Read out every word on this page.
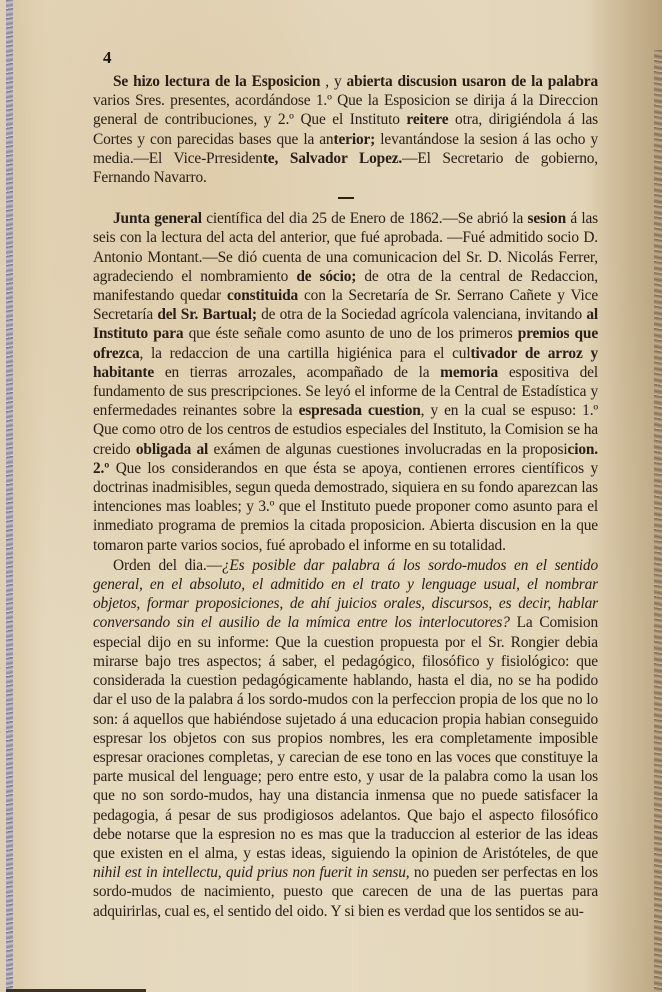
4

Se hizo lectura de la Esposicion , y abierta discusion usaron de la palabra varios Sres. presentes, acordándose 1.º Que la Esposicion se dirija á la Direccion general de contribuciones, y 2.º Que el Instituto reitere otra, dirigiéndola á las Cortes y con parecidas bases que la anterior; levantándose la sesion á las ocho y media.—El Vice-Prresidente, Salvador Lopez.—El Secretario de gobierno, Fernando Navarro.

Junta general científica del dia 25 de Enero de 1862.—Se abrió la sesion á las seis con la lectura del acta del anterior, que fué aprobada. —Fué admitido socio D. Antonio Montant.—Se dió cuenta de una comunicacion del Sr. D. Nicolás Ferrer, agradeciendo el nombramiento de sócio; de otra de la central de Redaccion, manifestando quedar constituida con la Secretaría de Sr. Serrano Cañete y Vice Secretaría del Sr. Bartual; de otra de la Sociedad agrícola valenciana, invitando al Instituto para que éste señale como asunto de uno de los primeros premios que ofrezca, la redaccion de una cartilla higiénica para el cultivador de arroz y habitante en tierras arrozales, acompañado de la memoria espositiva del fundamento de sus prescripciones. Se leyó el informe de la Central de Estadística y enfermedades reinantes sobre la espresada cuestion, y en la cual se espuso: 1.º Que como otro de los centros de estudios especiales del Instituto, la Comision se ha creido obligada al exámen de algunas cuestiones involucradas en la proposicion. 2.º Que los considerandos en que ésta se apoya, contienen errores científicos y doctrinas inadmisibles, segun queda demostrado, siquiera en su fondo aparezcan las intenciones mas loables; y 3.º que el Instituto puede proponer como asunto para el inmediato programa de premios la citada proposicion. Abierta discusion en la que tomaron parte varios socios, fué aprobado el informe en su totalidad.

Orden del dia.—¿Es posible dar palabra á los sordo-mudos en el sentido general, en el absoluto, el admitido en el trato y lenguage usual, el nombrar objetos, formar proposiciones, de ahí juicios orales, discursos, es decir, hablar conversando sin el ausilio de la mímica entre los interlocutores? La Comision especial dijo en su informe: Que la cuestion propuesta por el Sr. Rongier debia mirarse bajo tres aspectos; á saber, el pedagógico, filosófico y fisiológico: que considerada la cuestion pedagógicamente hablando, hasta el dia, no se ha podido dar el uso de la palabra á los sordo-mudos con la perfeccion propia de los que no lo son: á aquellos que habiéndose sujetado á una educacion propia habian conseguido espresar los objetos con sus propios nombres, les era completamente imposible espresar oraciones completas, y carecian de ese tono en las voces que constituye la parte musical del lenguage; pero entre esto, y usar de la palabra como la usan los que no son sordo-mudos, hay una distancia inmensa que no puede satisfacer la pedagogia, á pesar de sus prodigiosos adelantos. Que bajo el aspecto filosófico debe notarse que la espresion no es mas que la traduccion al esterior de las ideas que existen en el alma, y estas ideas, siguiendo la opinion de Aristóteles, de que nihil est in intellectu, quid prius non fuerit in sensu, no pueden ser perfectas en los sordo-mudos de nacimiento, puesto que carecen de una de las puertas para adquirirlas, cual es, el sentido del oido. Y si bien es verdad que los sentidos se au-
